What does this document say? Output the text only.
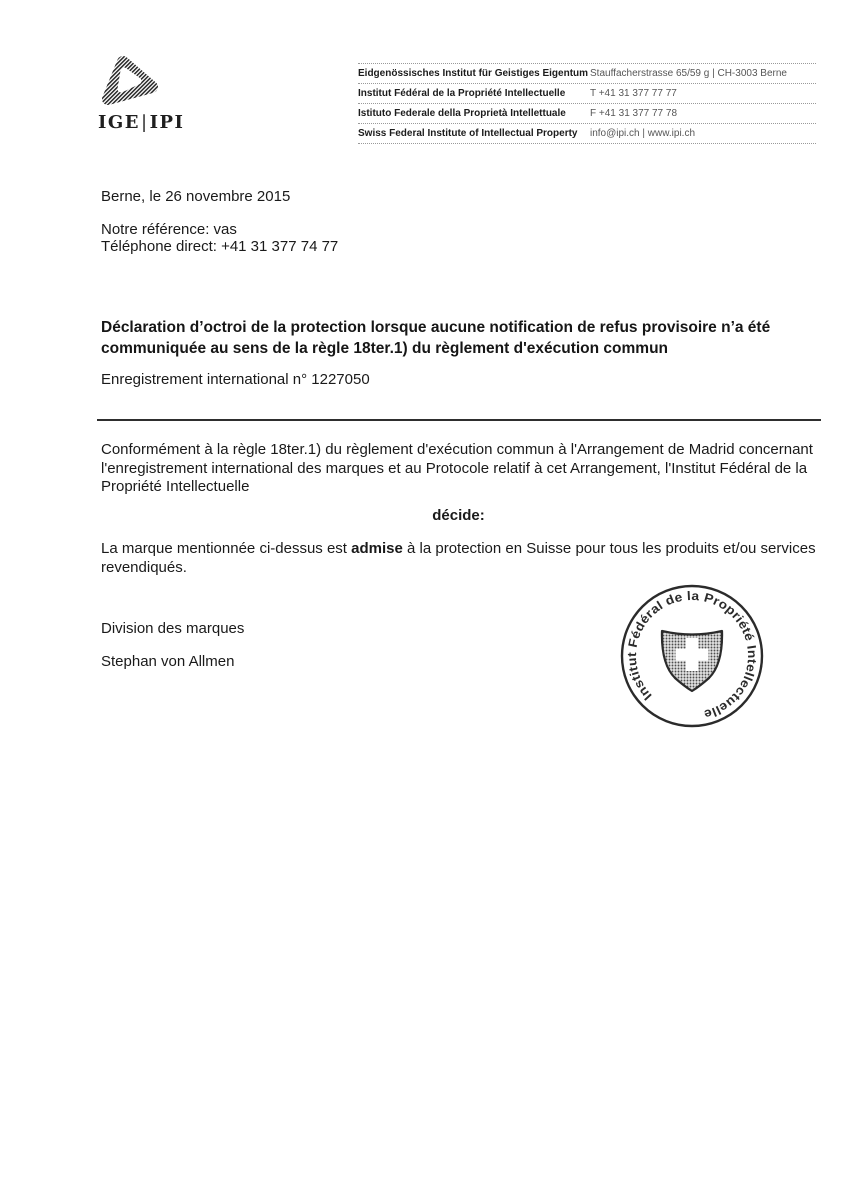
IGE|IPI
Eidgenössisches Institut für Geistiges Eigentum Stauffacherstrasse 65/59 g | CH-3003 Berne
Institut Fédéral de la Propriété Intellectuelle	T +41 31 377 77 77
Istituto Federale della Proprietà Intellettuale	F +41 31 377 77 78
Swiss Federal Institute of Intellectual Property	info@ipi.ch | www.ipi.ch
Berne, le 26 novembre 2015
Notre référence: vas
Téléphone direct: +41 31 377 74 77
Déclaration d’octroi de la protection lorsque aucune notification de refus provisoire n’a été
communiquée au sens de la règle 18ter.1) du règlement d'exécution commun
Enregistrement international n° 1227050
Conformément à la règle 18ter.1) du règlement d'exécution commun à l'Arrangement de Madrid concernant
l'enregistrement international des marques et au Protocole relatif à cet Arrangement, l'Institut Fédéral de la
Propriété Intellectuelle
décide:
La marque mentionnée ci-dessus est admise à la protection en Suisse pour tous les produits et/ou services
revendiqués.
Division des marques
Stephan von Allmen
Institut Fédéral de la Propriété Intellectuelle
